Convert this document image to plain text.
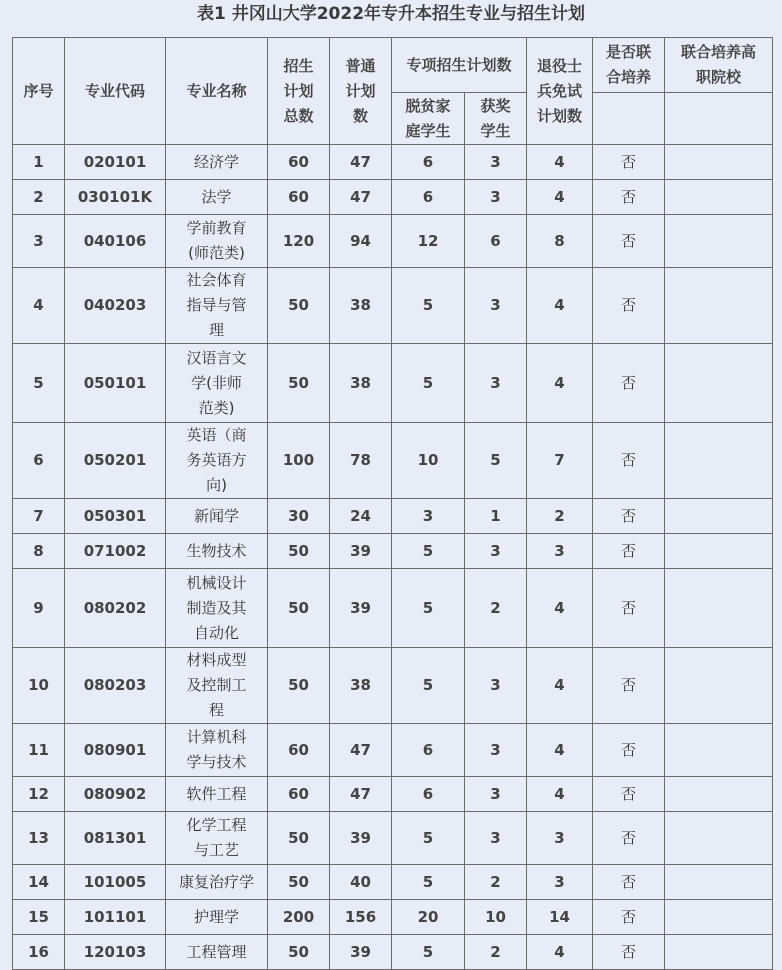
表1 井冈山大学2022年专升本招生专业与招生计划
序号	专业代码	专业名称	招生计划总数	普通计划数	专项招生计划数		退役士兵免试计划数	是否联合培养	联合培养高职院校

					脱贫家庭学生	获奖学生			

1	020101	经济学	60	47	6	3	4	否	
2	030101K	法学	60	47	6	3	4	否	
3	040106	学前教育(师范类)	120	94	12	6	8	否	
4	040203	社会体育指导与管理	50	38	5	3	4	否	
5	050101	汉语言文学(非师范类)	50	38	5	3	4	否	
6	050201	英语（商务英语方向)	100	78	10	5	7	否	
7	050301	新闻学	30	24	3	1	2	否	
8	071002	生物技术	50	39	5	3	3	否	
9	080202	机械设计制造及其自动化	50	39	5	2	4	否	
10	080203	材料成型及控制工程	50	38	5	3	4	否	
11	080901	计算机科学与技术	60	47	6	3	4	否	
12	080902	软件工程	60	47	6	3	4	否	
13	081301	化学工程与工艺	50	39	5	3	3	否	
14	101005	康复治疗学	50	40	5	2	3	否	
15	101101	护理学	200	156	20	10	14	否	
16	120103	工程管理	50	39	5	2	4	否	
